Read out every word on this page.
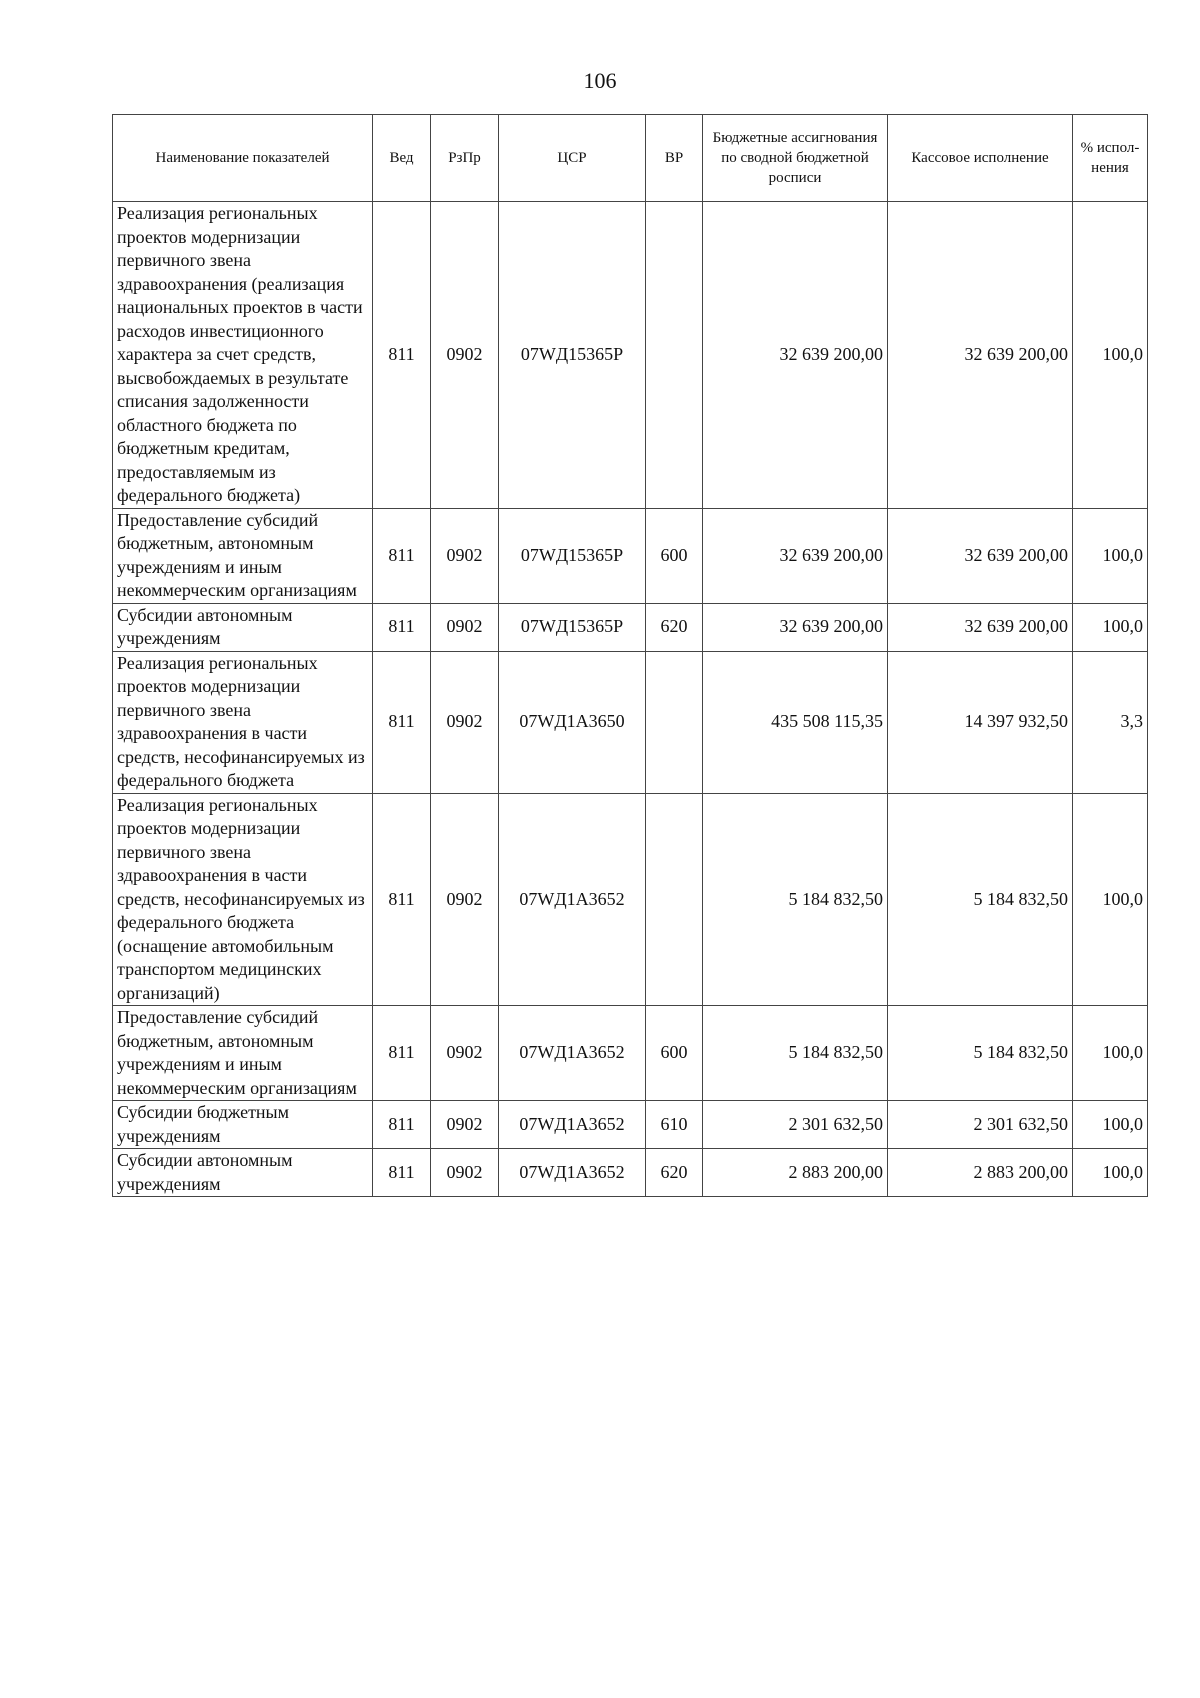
106
Наименование показателей	Вед	РзПр	ЦСР	ВР	Бюджетные ассигнования по сводной бюджетной росписи	Кассовое исполнение	% испол-нения
Реализация региональных проектов модернизации первичного звена здравоохранения (реализация национальных проектов в части расходов инвестиционного характера за счет средств, высвобождаемых в результате списания задолженности областного бюджета по бюджетным кредитам, предоставляемым из федерального бюджета)	811	0902	07WД15365Р		32 639 200,00	32 639 200,00	100,0
Предоставление субсидий бюджетным, автономным учреждениям и иным некоммерческим организациям	811	0902	07WД15365Р	600	32 639 200,00	32 639 200,00	100,0
Субсидии автономным учреждениям	811	0902	07WД15365Р	620	32 639 200,00	32 639 200,00	100,0
Реализация региональных проектов модернизации первичного звена здравоохранения в части средств, несофинансируемых из федерального бюджета	811	0902	07WД1А3650		435 508 115,35	14 397 932,50	3,3
Реализация региональных проектов модернизации первичного звена здравоохранения в части средств, несофинансируемых из федерального бюджета (оснащение автомобильным транспортом медицинских организаций)	811	0902	07WД1А3652		5 184 832,50	5 184 832,50	100,0
Предоставление субсидий бюджетным, автономным учреждениям и иным некоммерческим организациям	811	0902	07WД1А3652	600	5 184 832,50	5 184 832,50	100,0
Субсидии бюджетным учреждениям	811	0902	07WД1А3652	610	2 301 632,50	2 301 632,50	100,0
Субсидии автономным учреждениям	811	0902	07WД1А3652	620	2 883 200,00	2 883 200,00	100,0
